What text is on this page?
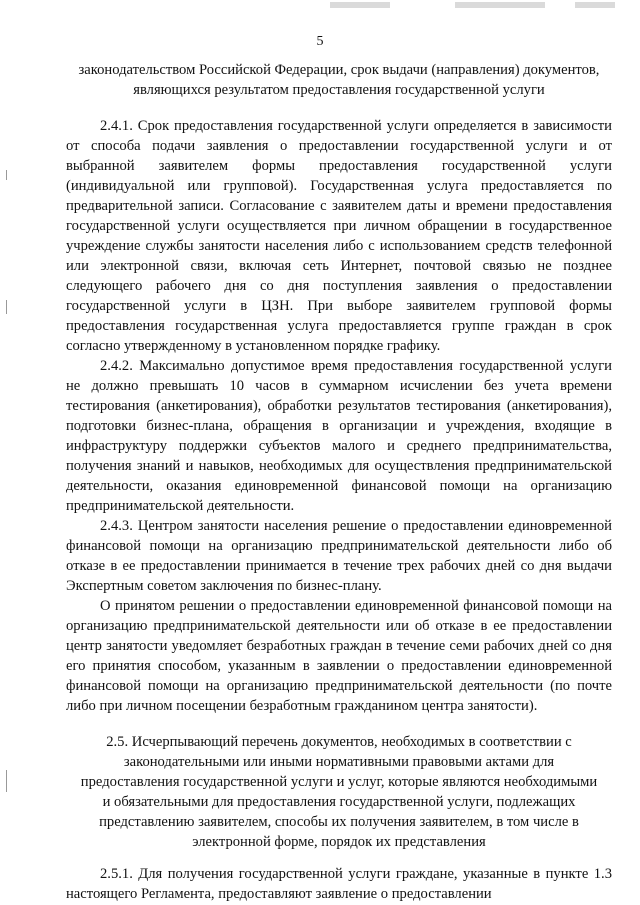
5

законодательством Российской Федерации, срок выдачи (направления) документов, являющихся результатом предоставления государственной услуги

2.4.1. Срок предоставления государственной услуги определяется в зависимости от способа подачи заявления о предоставлении государственной услуги и от выбранной заявителем формы предоставления государственной услуги (индивидуальной или групповой). Государственная услуга предоставляется по предварительной записи. Согласование с заявителем даты и времени предоставления государственной услуги осуществляется при личном обращении в государственное учреждение службы занятости населения либо с использованием средств телефонной или электронной связи, включая сеть Интернет, почтовой связью не позднее следующего рабочего дня со дня поступления заявления о предоставлении государственной услуги в ЦЗН. При выборе заявителем групповой формы предоставления государственная услуга предоставляется группе граждан в срок согласно утвержденному в установленном порядке графику.

2.4.2. Максимально допустимое время предоставления государственной услуги не должно превышать 10 часов в суммарном исчислении без учета времени тестирования (анкетирования), обработки результатов тестирования (анкетирования), подготовки бизнес-плана, обращения в организации и учреждения, входящие в инфраструктуру поддержки субъектов малого и среднего предпринимательства, получения знаний и навыков, необходимых для осуществления предпринимательской деятельности, оказания единовременной финансовой помощи на организацию предпринимательской деятельности.

2.4.3. Центром занятости населения решение о предоставлении единовременной финансовой помощи на организацию предпринимательской деятельности либо об отказе в ее предоставлении принимается в течение трех рабочих дней со дня выдачи Экспертным советом заключения по бизнес-плану.

О принятом решении о предоставлении единовременной финансовой помощи на организацию предпринимательской деятельности или об отказе в ее предоставлении центр занятости уведомляет безработных граждан в течение семи рабочих дней со дня его принятия способом, указанным в заявлении о предоставлении единовременной финансовой помощи на организацию предпринимательской деятельности (по почте либо при личном посещении безработным гражданином центра занятости).

2.5. Исчерпывающий перечень документов, необходимых в соответствии с законодательными или иными нормативными правовыми актами для предоставления государственной услуги и услуг, которые являются необходимыми и обязательными для предоставления государственной услуги, подлежащих представлению заявителем, способы их получения заявителем, в том числе в электронной форме, порядок их представления

2.5.1. Для получения государственной услуги граждане, указанные в пункте 1.3 настоящего Регламента, предоставляют заявление о предоставлении
